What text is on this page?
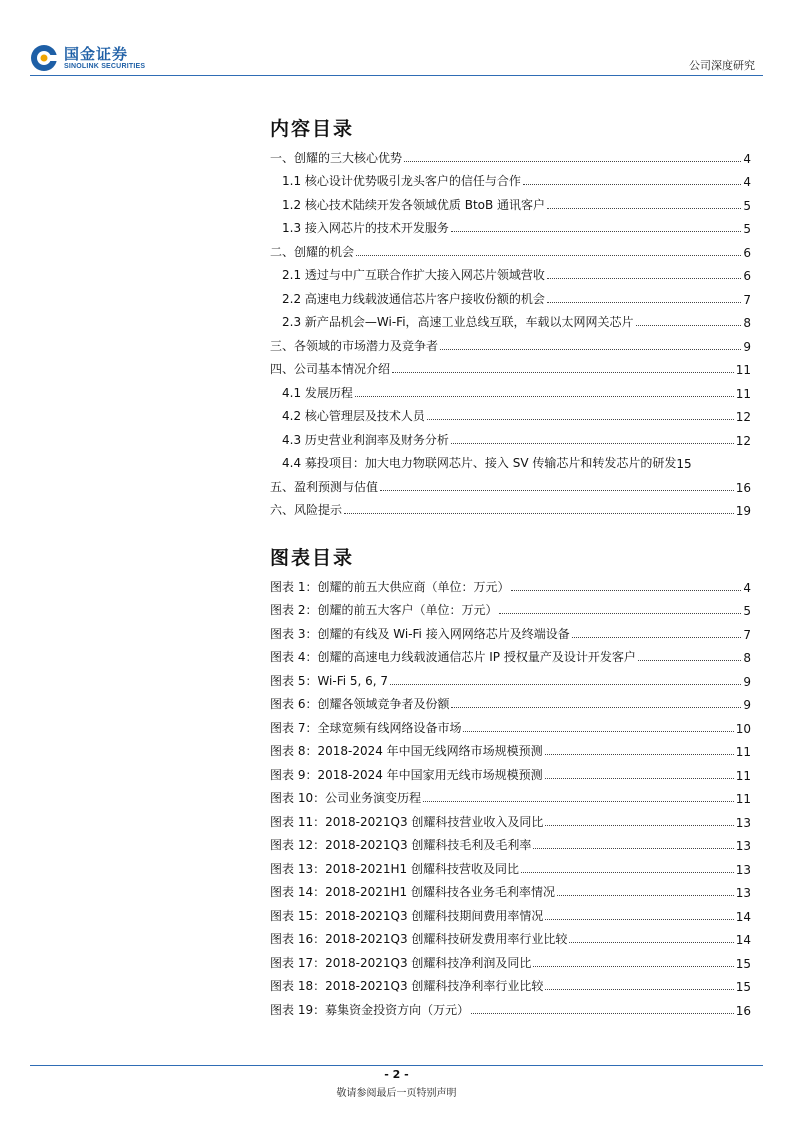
国金证券
SINOLINK SECURITIES	公司深度研究
内容目录
一、创耀的三大核心优势	4
1.1 核心设计优势吸引龙头客户的信任与合作	4
1.2 核心技术陆续开发各领域优质 BtoB 通讯客户	5
1.3 接入网芯片的技术开发服务	5
二、创耀的机会	6
2.1 透过与中广互联合作扩大接入网芯片领域营收	6
2.2 高速电力线载波通信芯片客户接收份额的机会	7
2.3 新产品机会—Wi-Fi，高速工业总线互联，车载以太网网关芯片	8
三、各领域的市场潜力及竞争者	9
四、公司基本情况介绍	11
4.1 发展历程	11
4.2 核心管理层及技术人员	12
4.3 历史营业利润率及财务分析	12
4.4 募投项目：加大电力物联网芯片、接入 SV 传输芯片和转发芯片的研发 15
五、盈利预测与估值	16
六、风险提示	19
图表目录
图表 1：创耀的前五大供应商（单位：万元）	4
图表 2：创耀的前五大客户（单位：万元）	5
图表 3：创耀的有线及 Wi-Fi 接入网网络芯片及终端设备	7
图表 4：创耀的高速电力线载波通信芯片 IP 授权量产及设计开发客户	8
图表 5：Wi-Fi 5, 6, 7	9
图表 6：创耀各领域竞争者及份额	9
图表 7：全球宽频有线网络设备市场	10
图表 8：2018-2024 年中国无线网络市场规模预测	11
图表 9：2018-2024 年中国家用无线市场规模预测	11
图表 10：公司业务演变历程	11
图表 11：2018-2021Q3 创耀科技营业收入及同比	13
图表 12：2018-2021Q3 创耀科技毛利及毛利率	13
图表 13：2018-2021H1 创耀科技营收及同比	13
图表 14：2018-2021H1 创耀科技各业务毛利率情况	13
图表 15：2018-2021Q3 创耀科技期间费用率情况	14
图表 16：2018-2021Q3 创耀科技研发费用率行业比较	14
图表 17：2018-2021Q3 创耀科技净利润及同比	15
图表 18：2018-2021Q3 创耀科技净利率行业比较	15
图表 19：募集资金投资方向（万元）	16
- 2 -
敬请参阅最后一页特别声明
